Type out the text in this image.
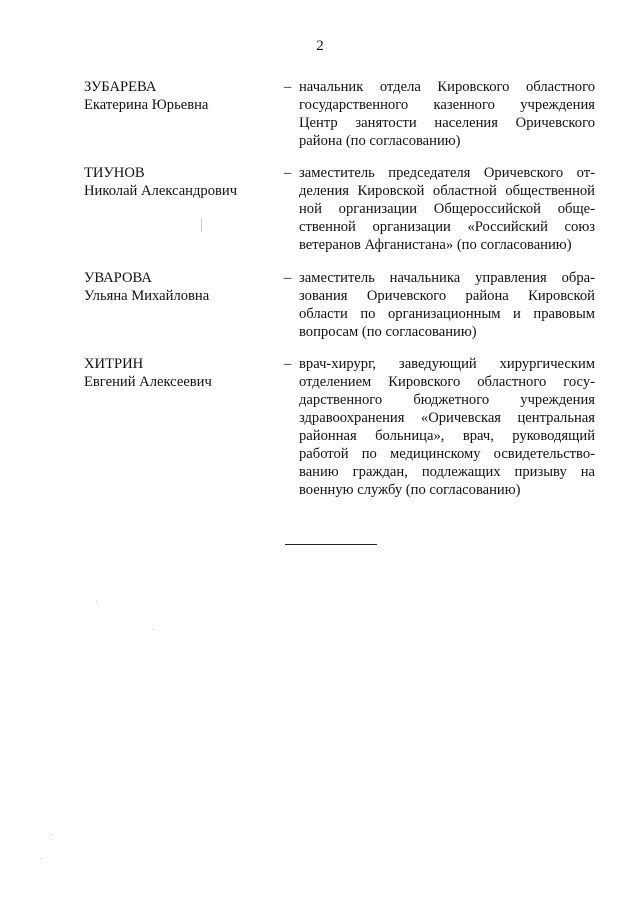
2
ЗУБАРЕВА
Екатерина Юрьевна
– начальник отдела Кировского областного
государственного казенного учреждения
Центр занятости населения Оричевского
района (по согласованию)
ТИУНОВ
Николай Александрович
– заместитель председателя Оричевского от-
деления Кировской областной общественной
ной организации Общероссийской обще-
ственной организации «Российский союз
ветеранов Афганистана» (по согласованию)
УВАРОВА
Ульяна Михайловна
– заместитель начальника управления обра-
зования Оричевского района Кировской
области по организационным и правовым
вопросам (по согласованию)
ХИТРИН
Евгений Алексеевич
– врач-хирург, заведующий хирургическим
отделением Кировского областного госу-
дарственного бюджетного учреждения
здравоохранения «Оричевская центральная
районная больница», врач, руководящий
работой по медицинскому освидетельство-
ванию граждан, подлежащих призыву на
военную службу (по согласованию)
